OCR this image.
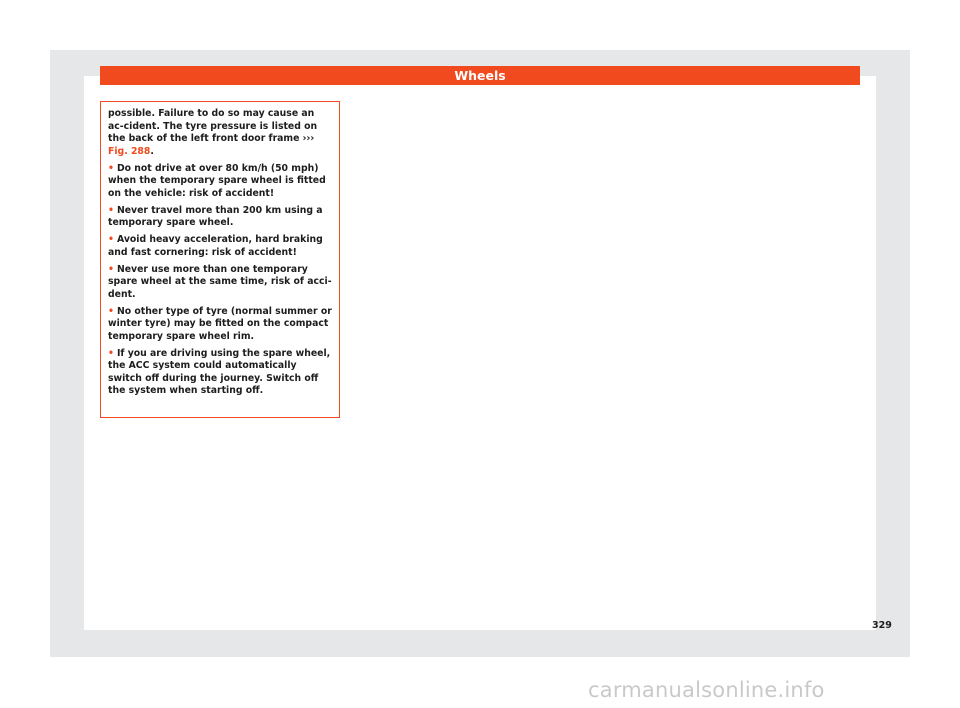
Wheels

possible. Failure to do so may cause an ac-cident. The tyre pressure is listed on the back of the left front door frame ››› Fig. 288.

• Do not drive at over 80 km/h (50 mph) when the temporary spare wheel is fitted on the vehicle: risk of accident!

• Never travel more than 200 km using a temporary spare wheel.

• Avoid heavy acceleration, hard braking and fast cornering: risk of accident!

• Never use more than one temporary spare wheel at the same time, risk of acci-dent.

• No other type of tyre (normal summer or winter tyre) may be fitted on the compact temporary spare wheel rim.

• If you are driving using the spare wheel, the ACC system could automatically switch off during the journey. Switch off the system when starting off.

329
carmanualsonline.info
